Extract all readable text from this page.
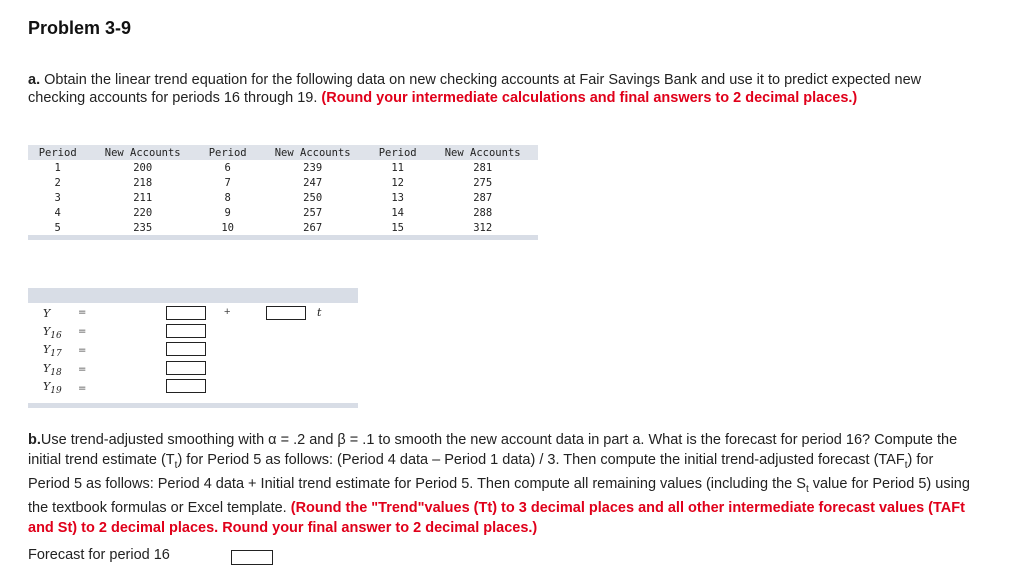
Problem 3-9
a. Obtain the linear trend equation for the following data on new checking accounts at Fair Savings Bank and use it to predict expected new checking accounts for periods 16 through 19. (Round your intermediate calculations and final answers to 2 decimal places.)
Period	New Accounts	Period	New Accounts	Period	New Accounts
1	200	6	239	11	281
2	218	7	247	12	275
3	211	8	250	13	287
4	220	9	257	14	288
5	235	10	267	15	312

Y	=	+	t
$Y_{16}$ =
$Y_{17}$ =
$Y_{18}$ =
$Y_{19}$ =
b.Use trend-adjusted smoothing with α = .2 and β = .1 to smooth the new account data in part a. What is the forecast for period 16? Compute the initial trend estimate $(T_t)$ for Period 5 as follows: (Period 4 data – Period 1 data) / 3. Then compute the initial trend-adjusted forecast $(TAF_t)$ for Period 5 as follows: Period 4 data + Initial trend estimate for Period 5. Then compute all remaining values (including the $S_t$ value for Period 5) using the textbook formulas or Excel template. (Round the "Trend"values (Tt) to 3 decimal places and all other intermediate forecast values (TAFt and St) to 2 decimal places. Round your final answer to 2 decimal places.)
Forecast for period 16
